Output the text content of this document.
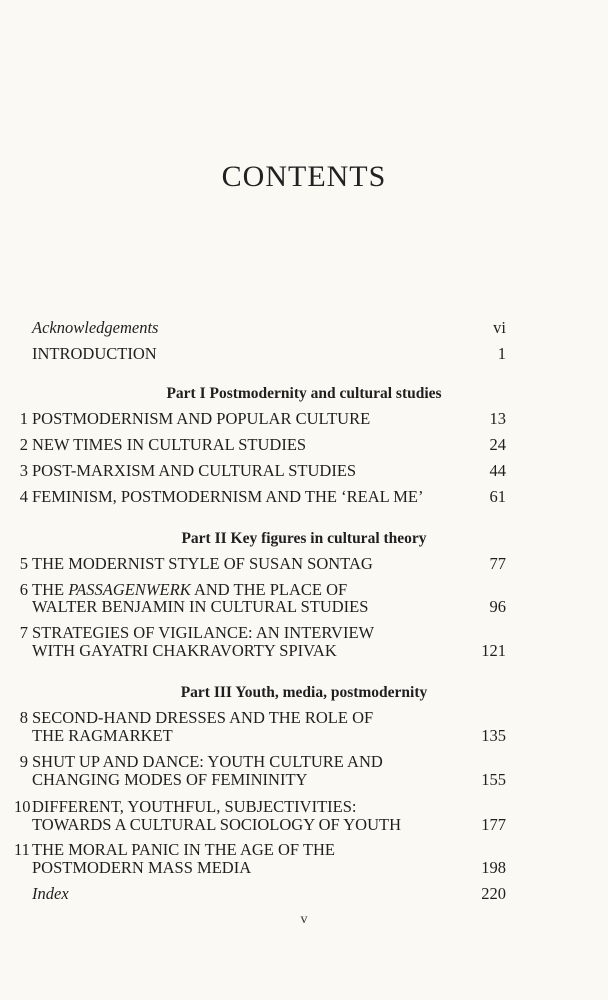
CONTENTS
Acknowledgements	vi
INTRODUCTION	1
Part I Postmodernity and cultural studies
1 POSTMODERNISM AND POPULAR CULTURE	13
2 NEW TIMES IN CULTURAL STUDIES	24
3 POST-MARXISM AND CULTURAL STUDIES	44
4 FEMINISM, POSTMODERNISM AND THE ‘REAL ME’	61
Part II Key figures in cultural theory
5 THE MODERNIST STYLE OF SUSAN SONTAG	77
6 THE PASSAGENWERK AND THE PLACE OF
WALTER BENJAMIN IN CULTURAL STUDIES	96
7 STRATEGIES OF VIGILANCE: AN INTERVIEW
WITH GAYATRI CHAKRAVORTY SPIVAK	121
Part III Youth, media, postmodernity
8 SECOND-HAND DRESSES AND THE ROLE OF
THE RAGMARKET	135
9 SHUT UP AND DANCE: YOUTH CULTURE AND
CHANGING MODES OF FEMININITY	155
10 DIFFERENT, YOUTHFUL, SUBJECTIVITIES:
TOWARDS A CULTURAL SOCIOLOGY OF YOUTH	177
11 THE MORAL PANIC IN THE AGE OF THE
POSTMODERN MASS MEDIA	198
Index	220
v
